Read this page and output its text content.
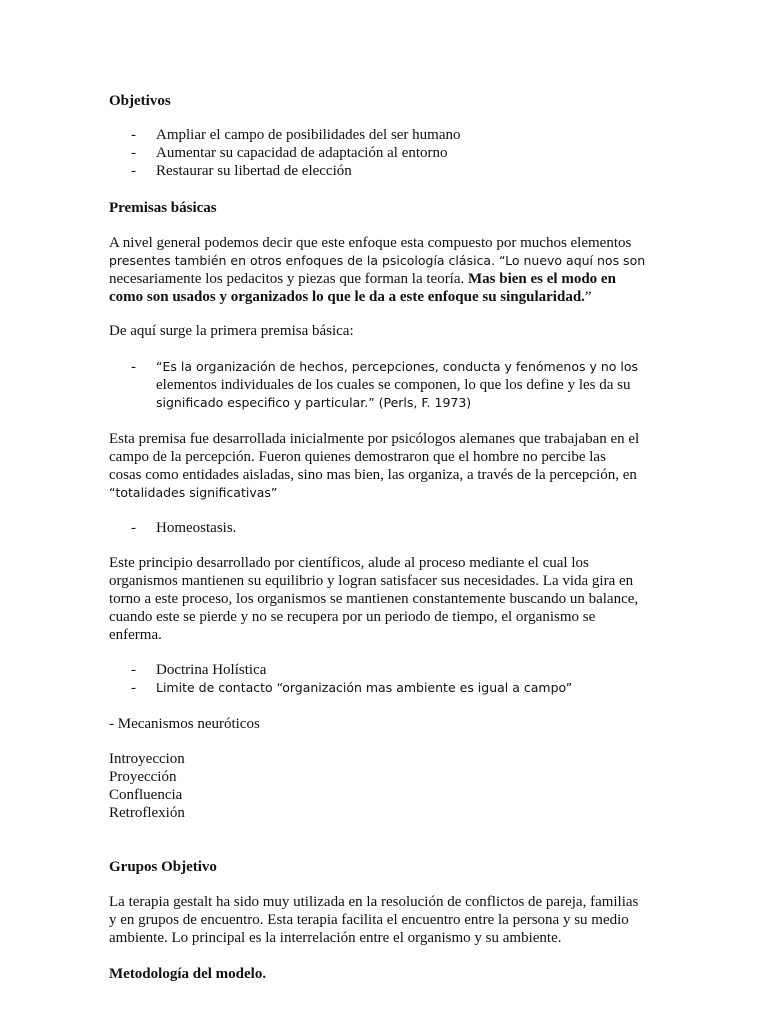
Objetivos
- Ampliar el campo de posibilidades del ser humano
- Aumentar su capacidad de adaptación al entorno
- Restaurar su libertad de elección
Premisas básicas
A nivel general podemos decir que este enfoque esta compuesto por muchos elementos
presentes también en otros enfoques de la psicología clásica. “Lo nuevo aquí nos son
necesariamente los pedacitos y piezas que forman la teoría. Mas bien es el modo en
como son usados y organizados lo que le da a este enfoque su singularidad.”
De aquí surge la primera premisa básica:
- “Es la organización de hechos, percepciones, conducta y fenómenos y no los
elementos individuales de los cuales se componen, lo que los define y les da su
significado especifico y particular.” (Perls, F. 1973)
Esta premisa fue desarrollada inicialmente por psicólogos alemanes que trabajaban en el
campo de la percepción. Fueron quienes demostraron que el hombre no percibe las
cosas como entidades aisladas, sino mas bien, las organiza, a través de la percepción, en
“totalidades significativas”
- Homeostasis.
Este principio desarrollado por científicos, alude al proceso mediante el cual los
organismos mantienen su equilibrio y logran satisfacer sus necesidades. La vida gira en
torno a este proceso, los organismos se mantienen constantemente buscando un balance,
cuando este se pierde y no se recupera por un periodo de tiempo, el organismo se
enferma.
- Doctrina Holística
- Limite de contacto “organización mas ambiente es igual a campo”
- Mecanismos neuróticos
Introyeccion
Proyección
Confluencia
Retroflexión
Grupos Objetivo
La terapia gestalt ha sido muy utilizada en la resolución de conflictos de pareja, familias
y en grupos de encuentro. Esta terapia facilita el encuentro entre la persona y su medio
ambiente. Lo principal es la interrelación entre el organismo y su ambiente.
Metodología del modelo.
